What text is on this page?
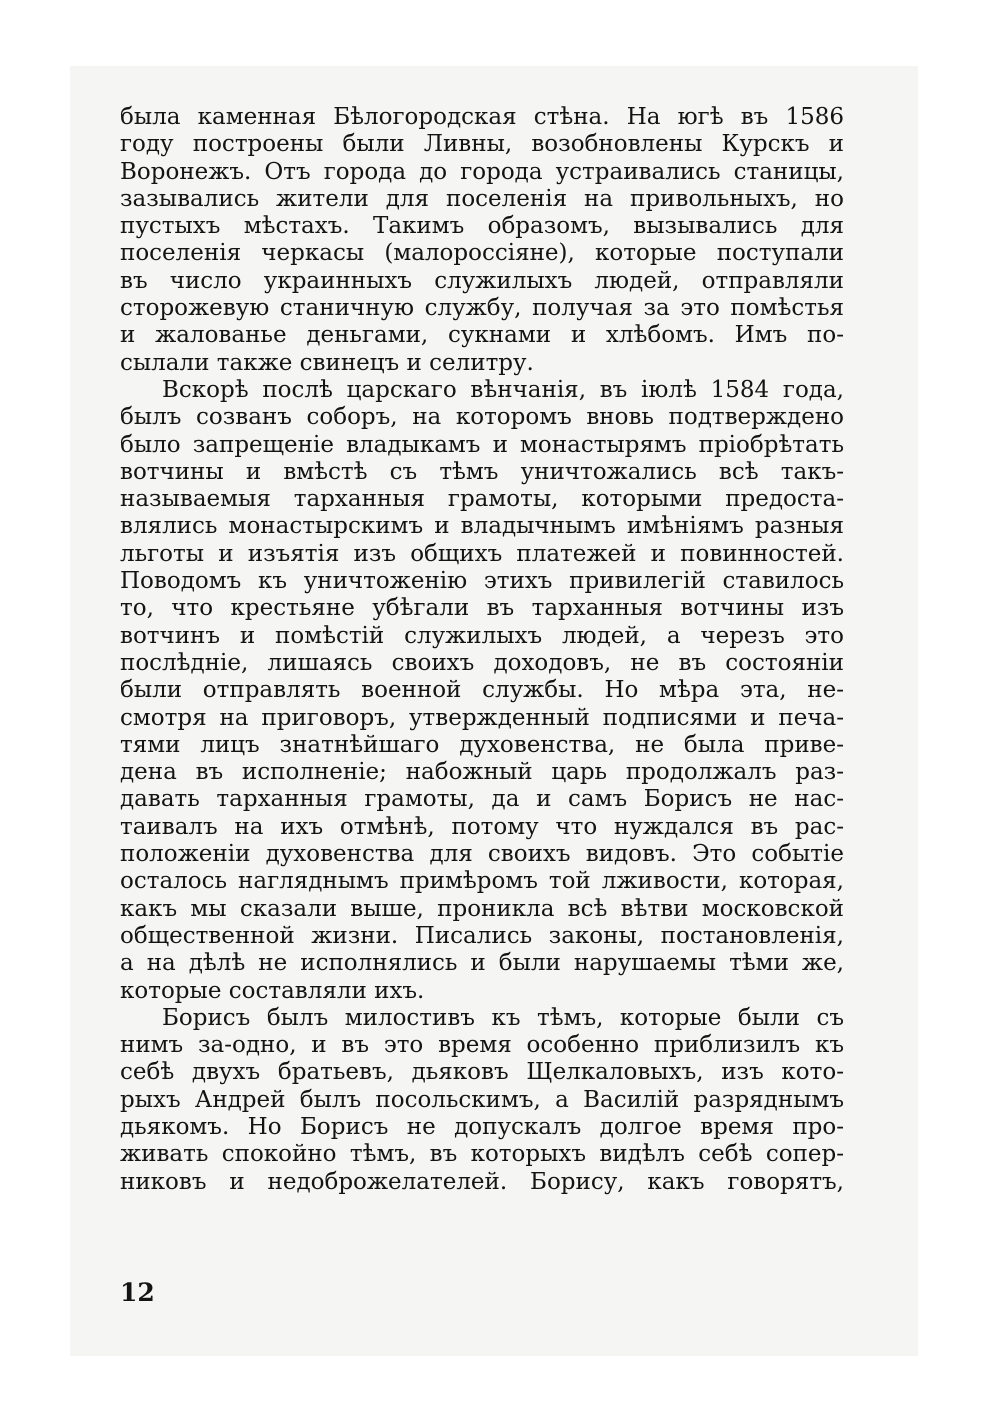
была каменная Бѣлогородская стѣна. На югѣ въ 1586
году построены были Ливны, возобновлены Курскъ и
Воронежъ. Отъ города до города устраивались станицы,
зазывались жители для поселенія на привольныхъ, но
пустыхъ мѣстахъ. Такимъ образомъ, вызывались для
поселенія черкасы (малороссіяне), которые поступали
въ число украинныхъ служилыхъ людей, отправляли
сторожевую станичную службу, получая за это помѣстья
и жалованье деньгами, сукнами и хлѣбомъ. Имъ по-
сылали также свинецъ и селитру.
Вскорѣ послѣ царскаго вѣнчанія, въ іюлѣ 1584 года,
былъ созванъ соборъ, на которомъ вновь подтверждено
было запрещеніе владыкамъ и монастырямъ пріобрѣтать
вотчины и вмѣстѣ съ тѣмъ уничтожались всѣ такъ-
называемыя тарханныя грамоты, которыми предоста-
влялись монастырскимъ и владычнымъ имѣніямъ разныя
льготы и изъятія изъ общихъ платежей и повинностей.
Поводомъ къ уничтоженію этихъ привилегій ставилось
то, что крестьяне убѣгали въ тарханныя вотчины изъ
вотчинъ и помѣстій служилыхъ людей, а черезъ это
послѣдніе, лишаясь своихъ доходовъ, не въ состояніи
были отправлять военной службы. Но мѣра эта, не-
смотря на приговоръ, утвержденный подписями и печа-
тями лицъ знатнѣйшаго духовенства, не была приве-
дена въ исполненіе; набожный царь продолжалъ раз-
давать тарханныя грамоты, да и самъ Борисъ не нас-
таивалъ на ихъ отмѣнѣ, потому что нуждался въ рас-
положеніи духовенства для своихъ видовъ. Это событіе
осталось нагляднымъ примѣромъ той лживости, которая,
какъ мы сказали выше, проникла всѣ вѣтви московской
общественной жизни. Писались законы, постановленія,
а на дѣлѣ не исполнялись и были нарушаемы тѣми же,
которые составляли ихъ.
Борисъ былъ милостивъ къ тѣмъ, которые были съ
нимъ за-одно, и въ это время особенно приблизилъ къ
себѣ двухъ братьевъ, дьяковъ Щелкаловыхъ, изъ кото-
рыхъ Андрей былъ посольскимъ, а Василій разряднымъ
дьякомъ. Но Борисъ не допускалъ долгое время про-
живать спокойно тѣмъ, въ которыхъ видѣлъ себѣ сопер-
никовъ и недоброжелателей. Борису, какъ говорятъ,
12
